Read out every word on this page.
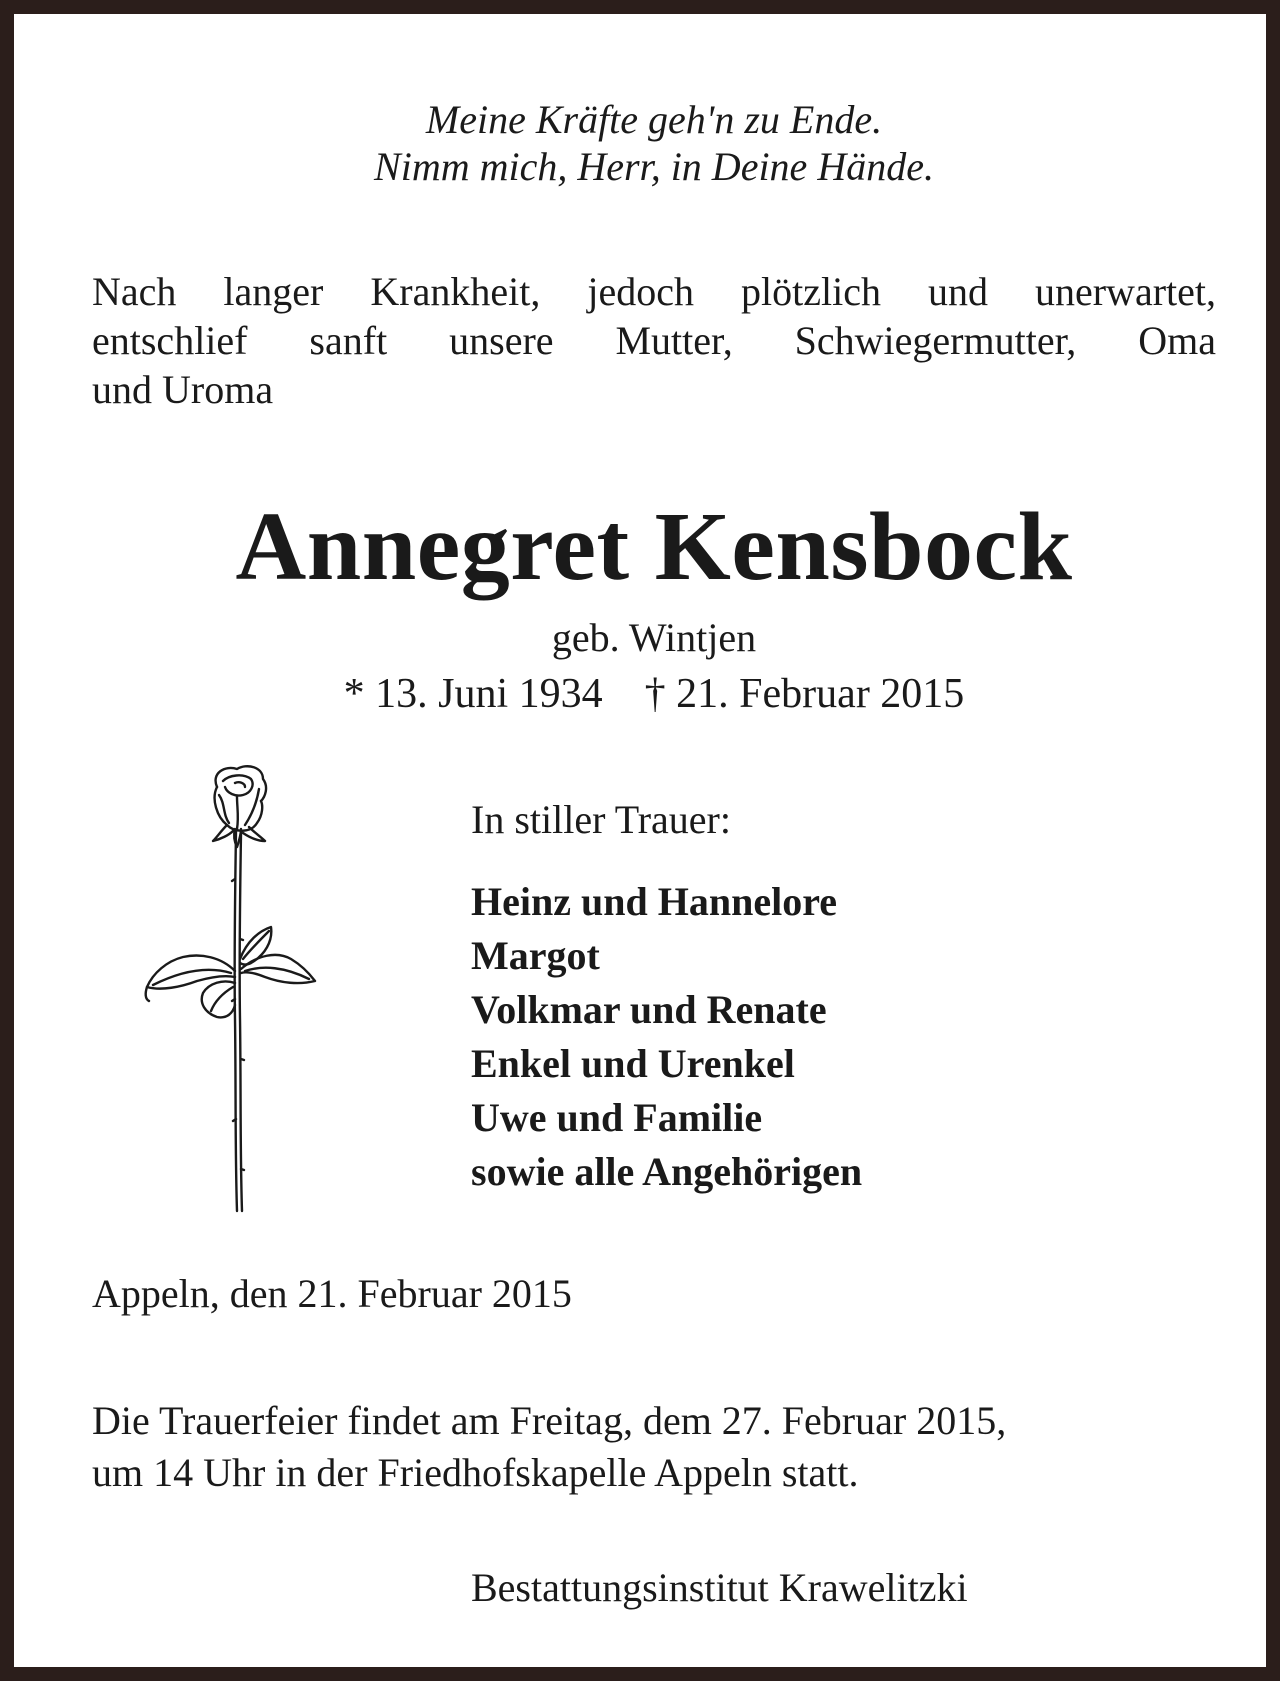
Meine Kräfte geh'n zu Ende.
Nimm mich, Herr, in Deine Hände.
Nach langer Krankheit, jedoch plötzlich und unerwartet,
entschlief sanft unsere Mutter, Schwiegermutter, Oma
und Uroma
Annegret Kensbock
geb. Wintjen
* 13. Juni 1934    † 21. Februar 2015
In stiller Trauer:
Heinz und Hannelore
Margot
Volkmar und Renate
Enkel und Urenkel
Uwe und Familie
sowie alle Angehörigen
Appeln, den 21. Februar 2015
Die Trauerfeier findet am Freitag, dem 27. Februar 2015,
um 14 Uhr in der Friedhofskapelle Appeln statt.
Bestattungsinstitut Krawelitzki
